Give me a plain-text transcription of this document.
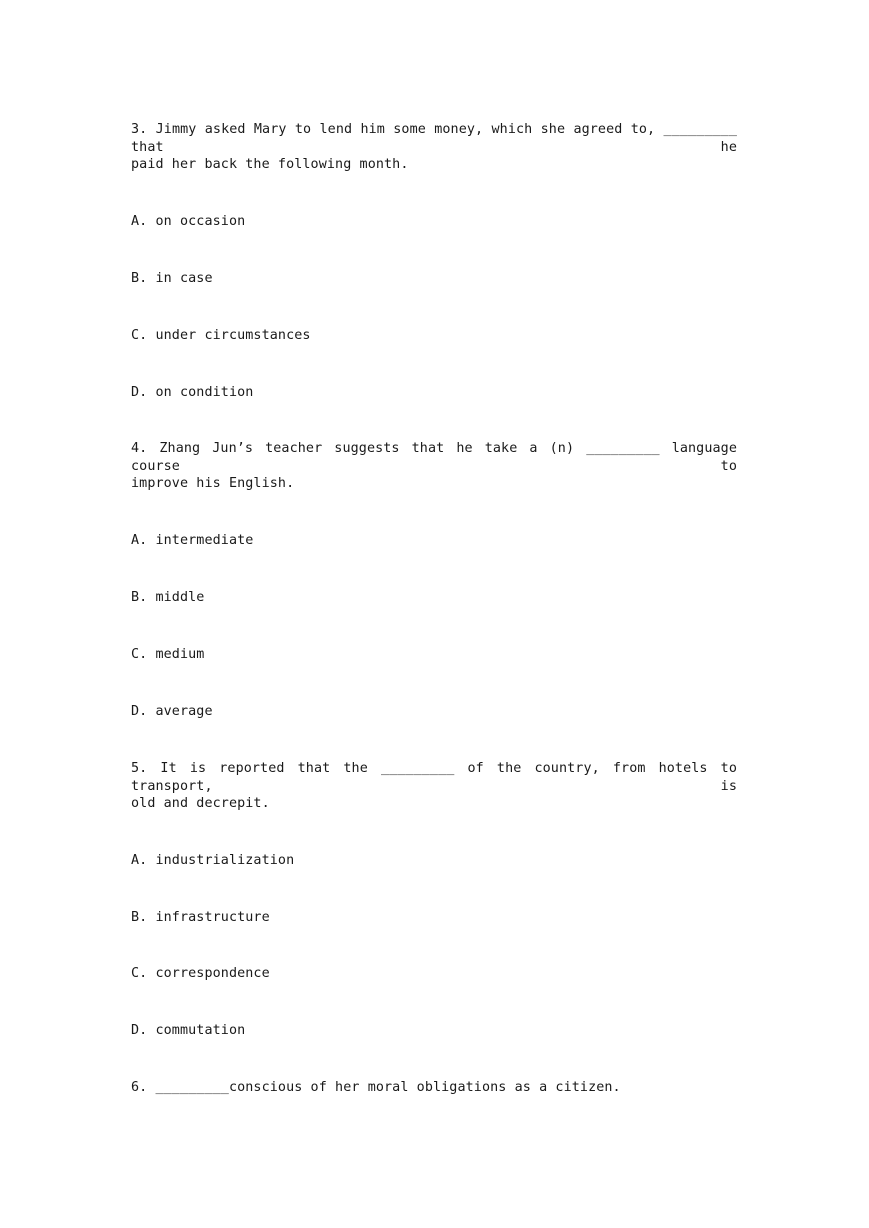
3. Jimmy asked Mary to lend him some money, which she agreed to, _________ that he
paid her back the following month.
A. on occasion
B. in case
C. under circumstances
D. on condition
4. Zhang Jun’s teacher suggests that he take a (n) _________ language course to
improve his English.
A. intermediate
B. middle
C. medium
D. average
5. It is reported that the _________ of the country, from hotels to transport, is
old and decrepit.
A. industrialization
B. infrastructure
C. correspondence
D. commutation
6. _________conscious of her moral obligations as a citizen.
